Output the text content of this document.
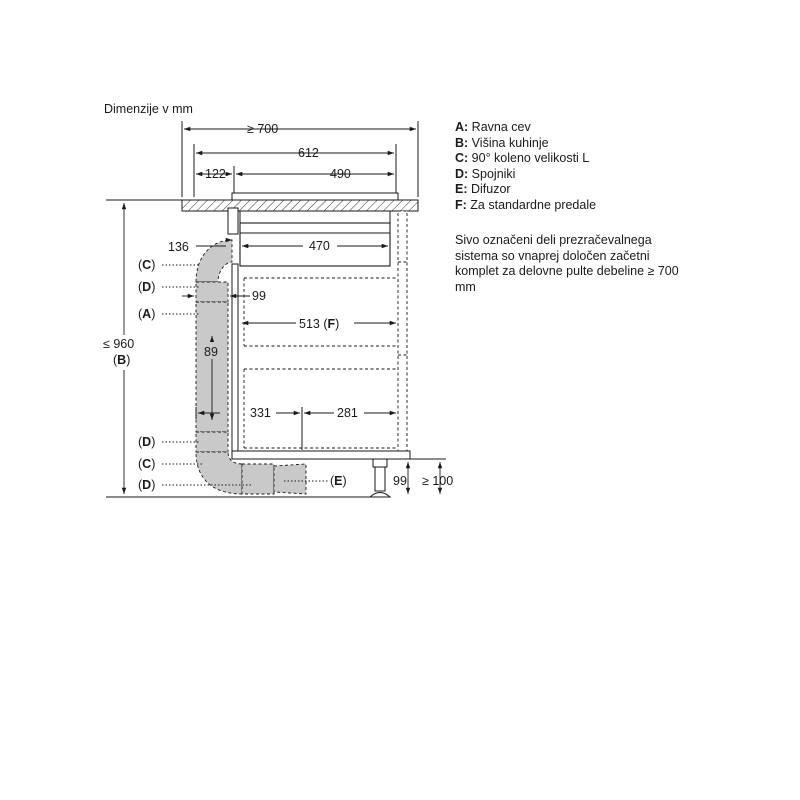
Dimenzije v mm
≥ 700
612
122	490
470
136
99
513 (F)
89
331	281
≤ 960
(B)
(C)
(D)
(A)
(D)
(C)
(D)	(E)	99 ≥ 100
A: Ravna cev
B: Višina kuhinje
C: 90° koleno velikosti L
D: Spojniki
E: Difuzor
F: Za standardne predale
Sivo označeni deli prezračevalnega sistema so vnaprej določen začetni komplet za delovne pulte debeline ≥ 700 mm
